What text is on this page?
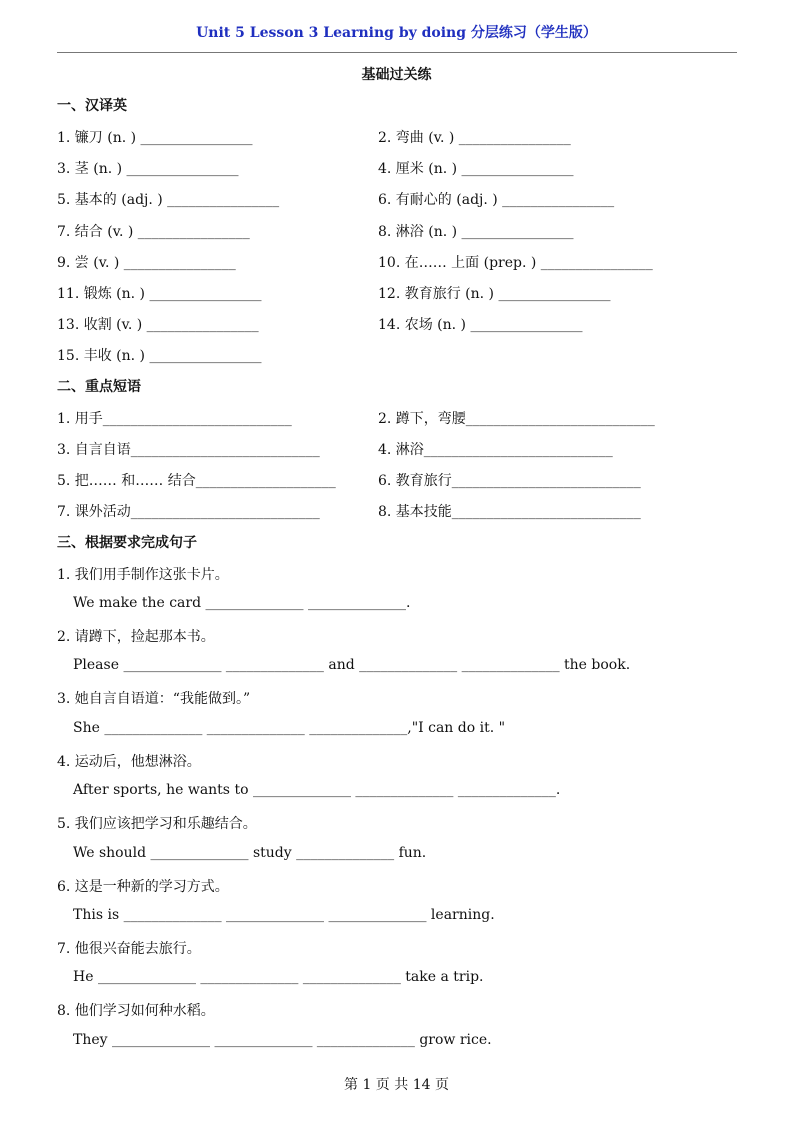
Unit 5 Lesson 3 Learning by doing 分层练习（学生版）
基础过关练
一、汉译英
1. 镰刀 (n. ) ________________	2. 弯曲 (v. ) ________________
3. 茎 (n. ) ________________	4. 厘米 (n. ) ________________
5. 基本的 (adj. ) ________________	6. 有耐心的 (adj. ) ________________
7. 结合 (v. ) ________________	8. 淋浴 (n. ) ________________
9. 尝 (v. ) ________________	10. 在…… 上面 (prep. ) ________________
11. 锻炼 (n. ) ________________	12. 教育旅行 (n. ) ________________
13. 收割 (v. ) ________________	14. 农场 (n. ) ________________
15. 丰收 (n. ) ________________
二、重点短语
1. 用手___________________________	2. 蹲下，弯腰___________________________
3. 自言自语___________________________	4. 淋浴___________________________
5. 把…… 和…… 结合____________________	6. 教育旅行___________________________
7. 课外活动___________________________	8. 基本技能___________________________
三、根据要求完成句子
1. 我们用手制作这张卡片。
We make the card ______________ ______________.
2. 请蹲下，捡起那本书。
Please ______________ ______________ and ______________ ______________ the book.
3. 她自言自语道：“我能做到。”
She ______________ ______________ ______________,"I can do it. "
4. 运动后，他想淋浴。
After sports, he wants to ______________ ______________ ______________.
5. 我们应该把学习和乐趣结合。
We should ______________ study ______________ fun.
6. 这是一种新的学习方式。
This is ______________ ______________ ______________ learning.
7. 他很兴奋能去旅行。
He ______________ ______________ ______________ take a trip.
8. 他们学习如何种水稻。
They ______________ ______________ ______________ grow rice.
第 1 页 共 14 页
